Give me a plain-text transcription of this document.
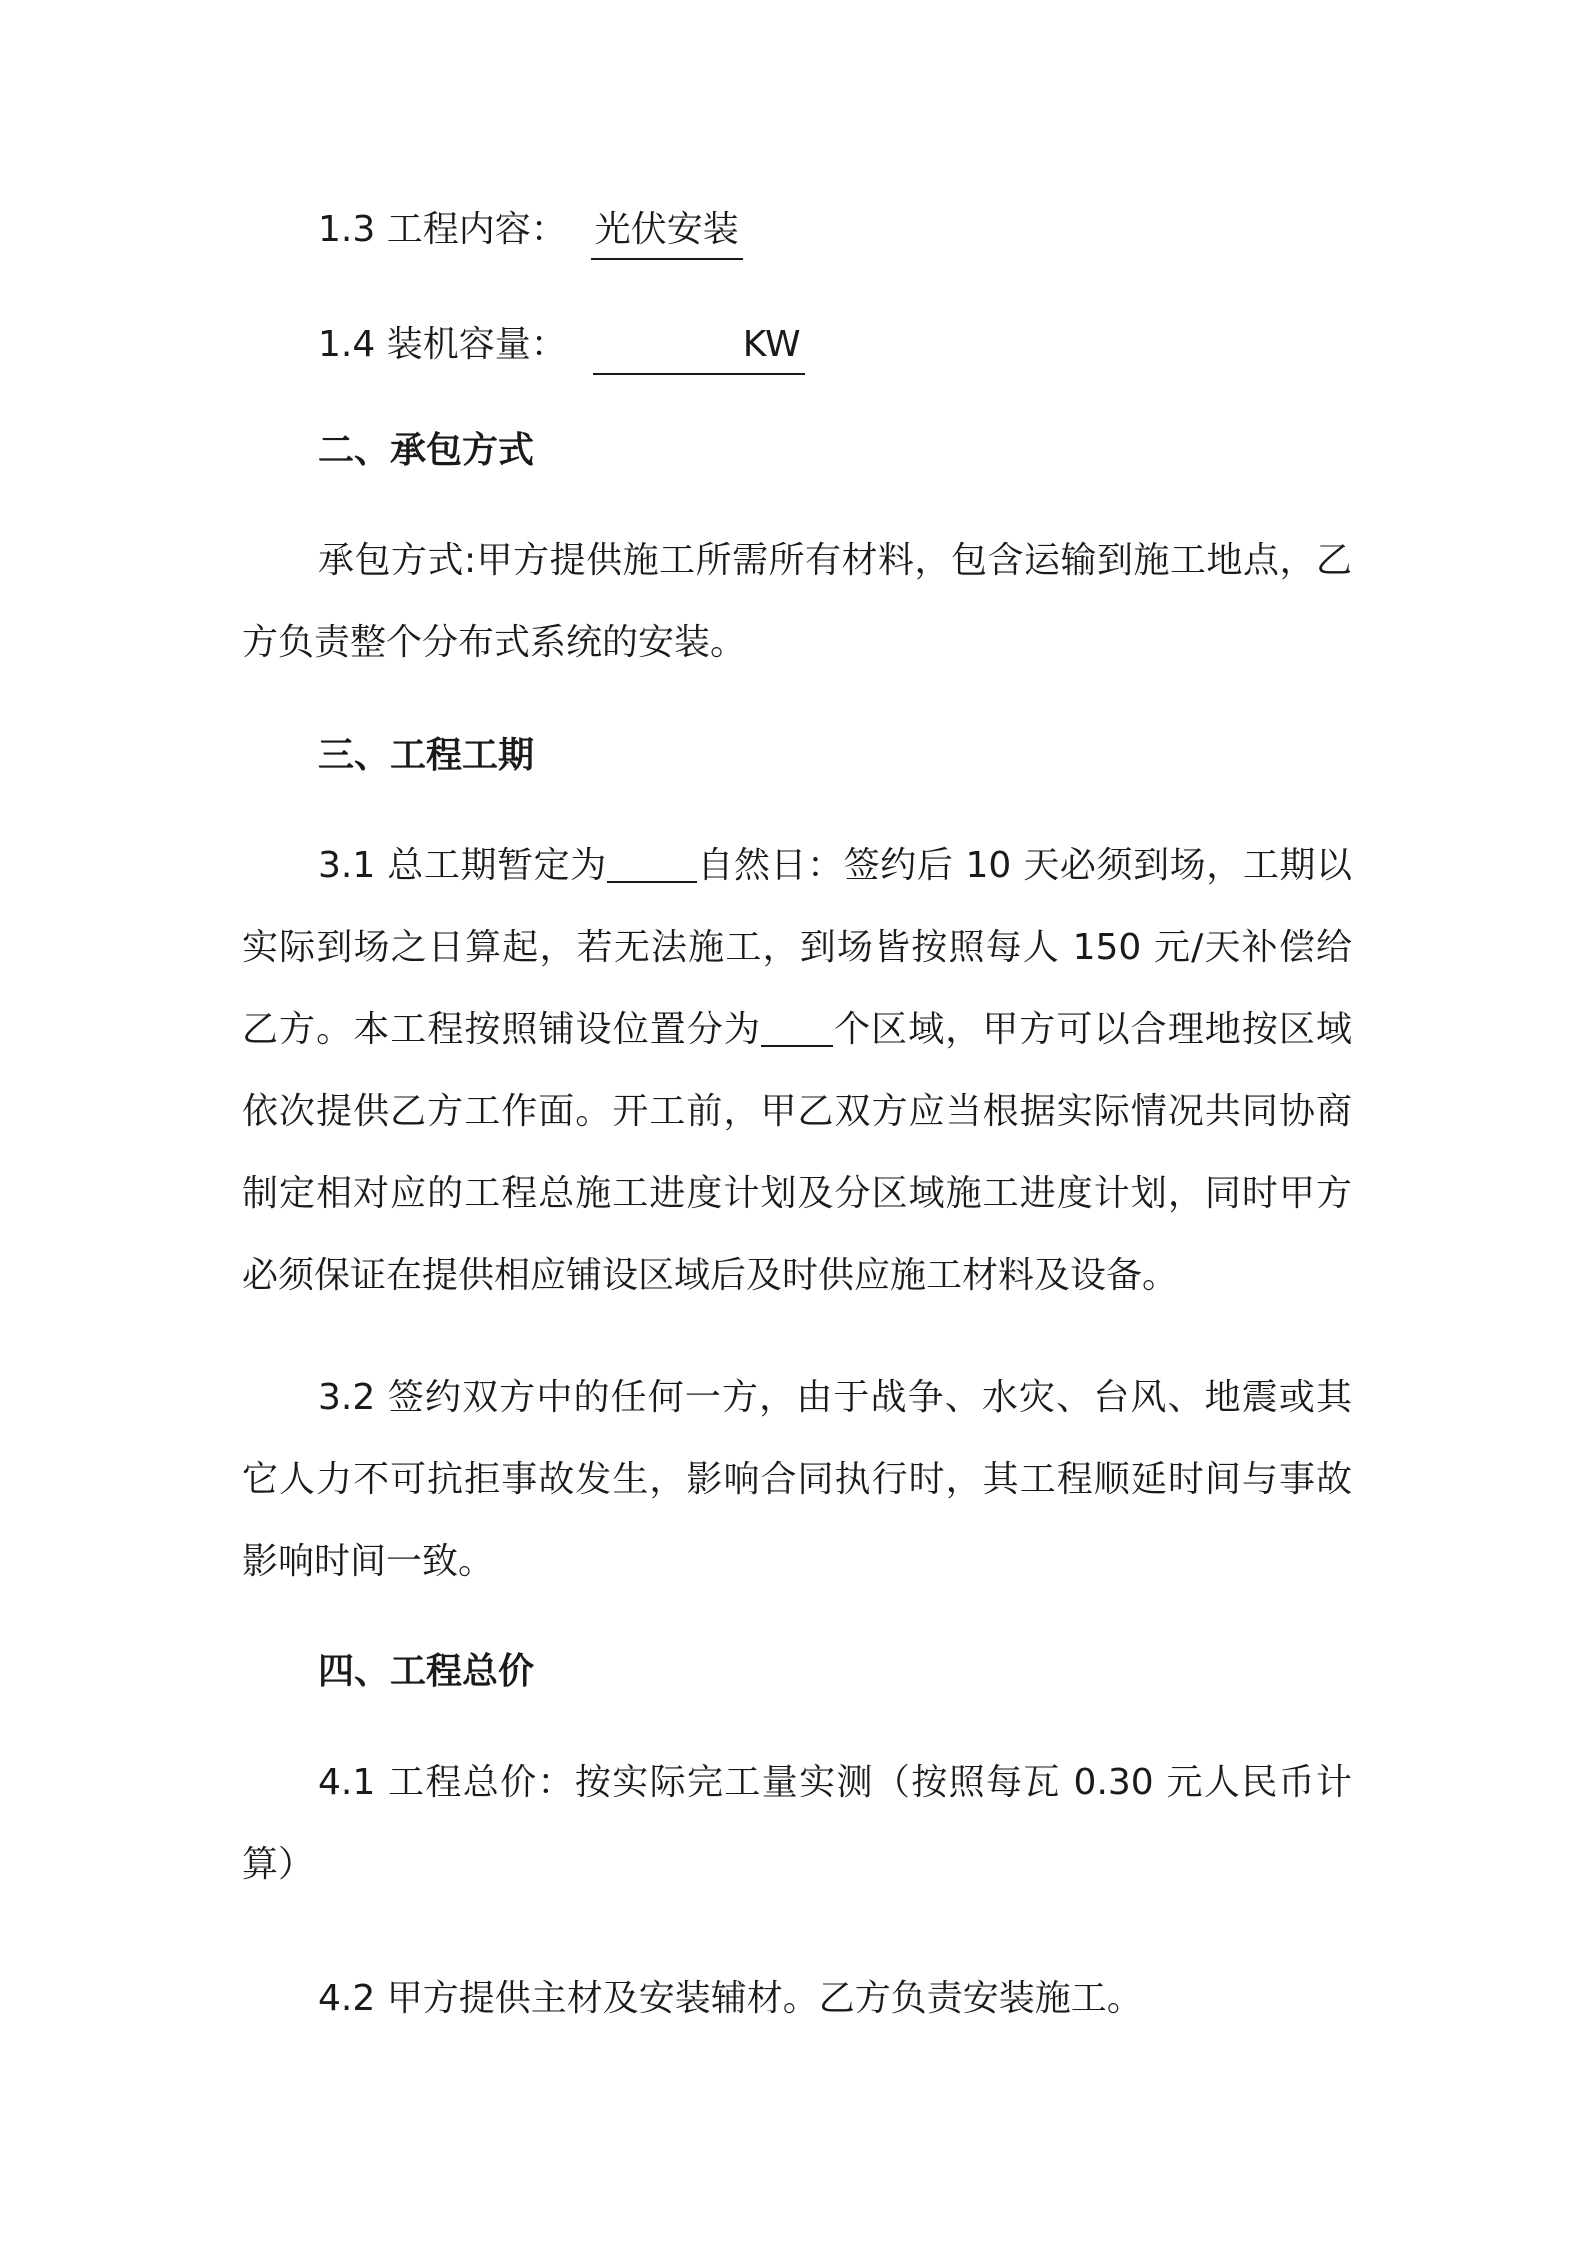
1.3 工程内容： 光伏安装
1.4 装机容量：	KW
二、承包方式
承包方式:甲方提供施工所需所有材料，包含运输到施工地点，乙方负责整个分布式系统的安装。
三、工程工期
3.1 总工期暂定为	自然日：签约后 10 天必须到场，工期以实际到场之日算起，若无法施工，到场皆按照每人 150 元/天补偿给乙方。本工程按照铺设位置分为 个区域，甲方可以合理地按区域依次提供乙方工作面。开工前，甲乙双方应当根据实际情况共同协商制定相对应的工程总施工进度计划及分区域施工进度计划，同时甲方必须保证在提供相应铺设区域后及时供应施工材料及设备。
3.2 签约双方中的任何一方，由于战争、水灾、台风、地震或其它人力不可抗拒事故发生，影响合同执行时，其工程顺延时间与事故影响时间一致。
四、工程总价
4.1 工程总价：按实际完工量实测（按照每瓦 0.30 元人民币计算）
4.2 甲方提供主材及安装辅材。乙方负责安装施工。
